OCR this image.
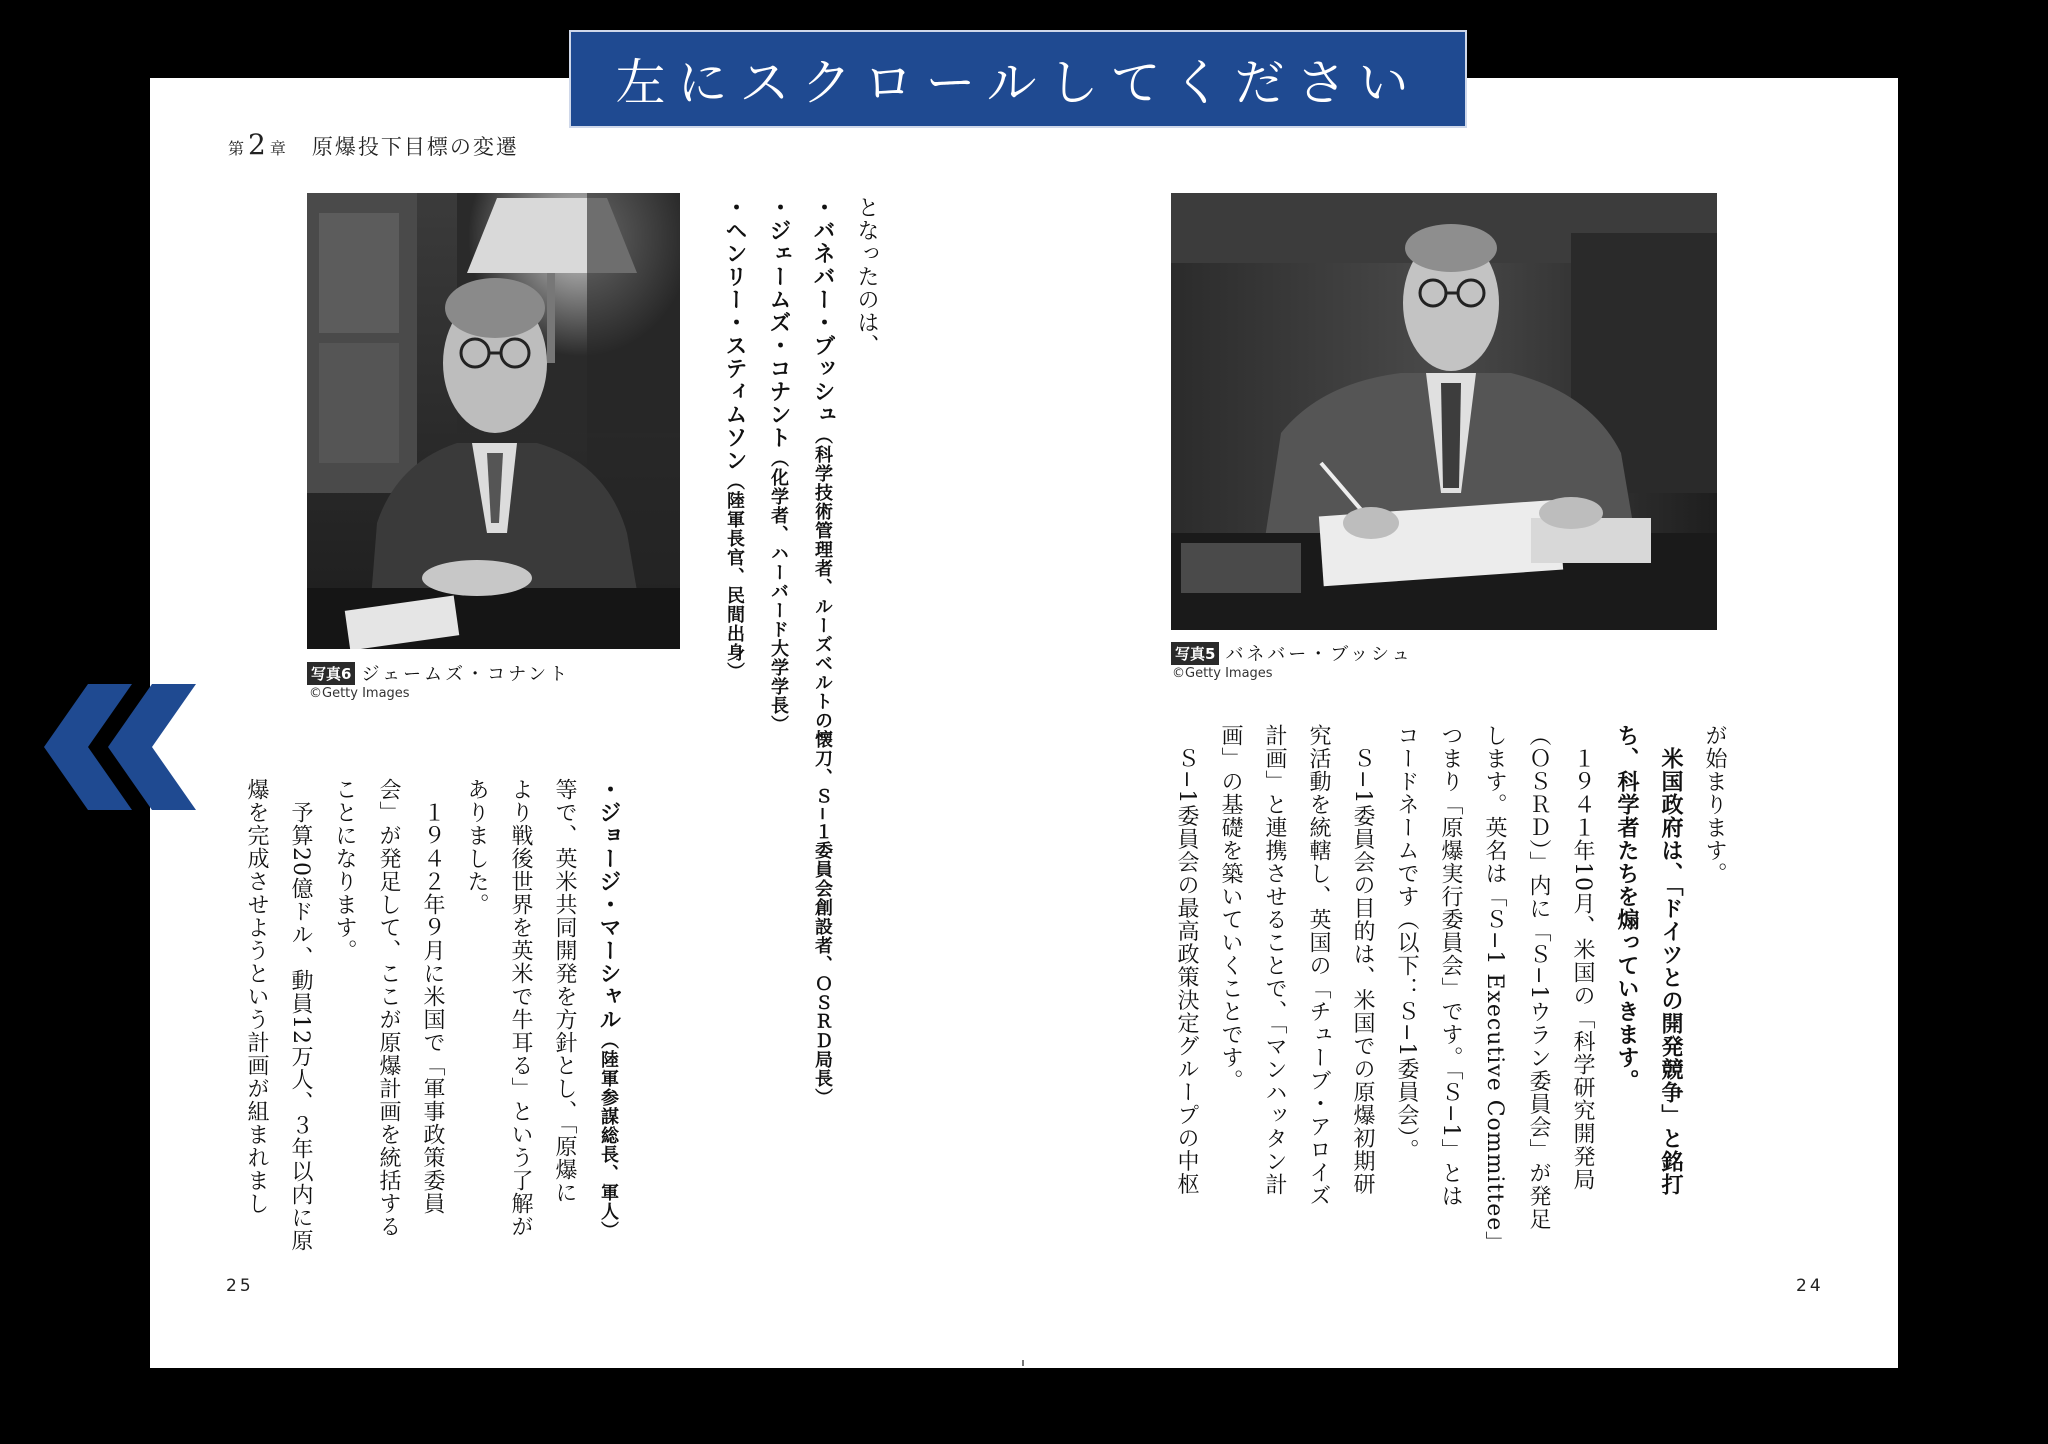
左にスクロールしてください
第 2 章 原爆投下目標の変遷
写真6 ジェームズ・コナント
©Getty Images
写真5 バネバー・ブッシュ
©Getty Images
となったのは、
・バネバー・ブッシュ（科学技術管理者、ルーズベルトの懐刀、Ｓ−１委員会創設者、ＯＳＲＤ局長）
・ジェームズ・コナント（化学者、ハーバード大学学長）
・ヘンリー・スティムソン（陸軍長官、民間出身）
・ジョージ・マーシャル（陸軍参謀総長、軍人）
等で、英米共同開発を方針とし、「原爆に
より戦後世界を英米で牛耳る」という了解が
ありました。
　１９４２年９月に米国で「軍事政策委員
会」が発足して、ここが原爆計画を統括する
ことになります。
　予算20億ドル、動員12万人、３年以内に原
爆を完成させようという計画が組まれまし	が始まります。
　米国政府は、「ドイツとの開発競争」と銘打
ち、科学者たちを煽っていきます。
　１９４１年10月、米国の「科学研究開発局
（ＯＳＲＤ）」内に「Ｓ−1ウラン委員会」が発足
します。英名は「Ｓ−1 Executive Committee」
つまり「原爆実行委員会」です。「Ｓ−1」とは
コードネームです（以下：Ｓ−1委員会）。
　Ｓ−1委員会の目的は、米国での原爆初期研
究活動を統轄し、英国の「チューブ・アロイズ
計画」と連携させることで、「マンハッタン計
画」の基礎を築いていくことです。
　Ｓ−1委員会の最高政策決定グループの中枢
25	24
